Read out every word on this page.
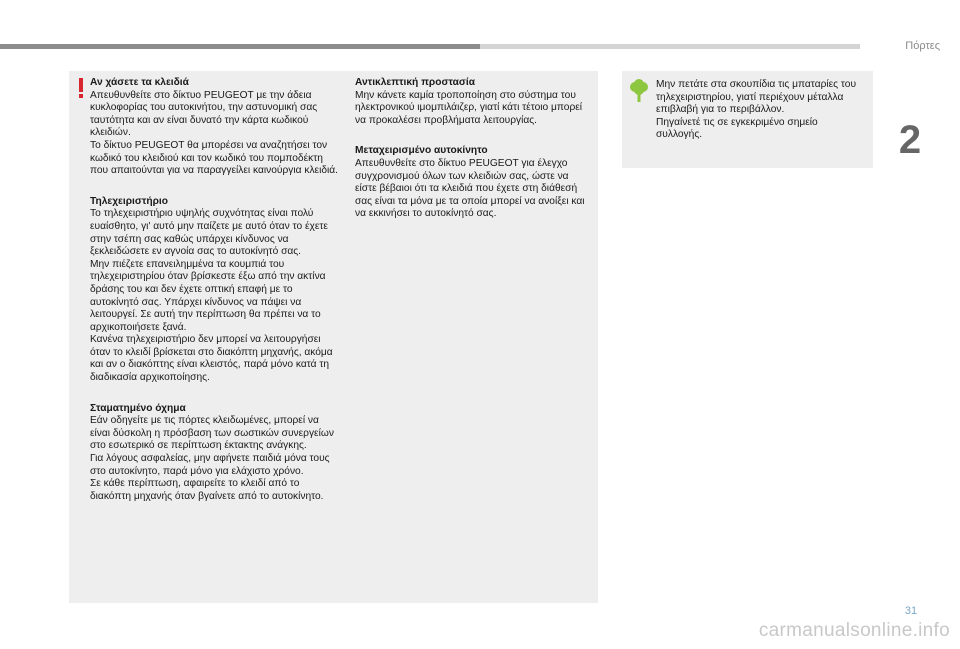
Πόρτες
2
Αν χάσετε τα κλειδιά

Απευθυνθείτε στο δίκτυο PEUGEOT με την άδεια κυκλοφορίας του αυτοκινήτου, την αστυνομική σας ταυτότητα και αν είναι δυνατό την κάρτα κωδικού κλειδιών.

Το δίκτυο PEUGEOT θα μπορέσει να αναζητήσει τον κωδικό του κλειδιού και τον κωδικό του πομποδέκτη που απαιτούνται για να παραγγείλει καινούργια κλειδιά.

Τηλεχειριστήριο

Το τηλεχειριστήριο υψηλής συχνότητας είναι πολύ ευαίσθητο, γι' αυτό μην παίζετε με αυτό όταν το έχετε στην τσέπη σας καθώς υπάρχει κίνδυνος να ξεκλειδώσετε εν αγνοία σας το αυτοκίνητό σας.

Μην πιέζετε επανειλημμένα τα κουμπιά του τηλεχειριστηρίου όταν βρίσκεστε έξω από την ακτίνα δράσης του και δεν έχετε οπτική επαφή με το αυτοκίνητό σας. Υπάρχει κίνδυνος να πάψει να λειτουργεί. Σε αυτή την περίπτωση θα πρέπει να το αρχικοποιήσετε ξανά.

Κανένα τηλεχειριστήριο δεν μπορεί να λειτουργήσει όταν το κλειδί βρίσκεται στο διακόπτη μηχανής, ακόμα και αν ο διακόπτης είναι κλειστός, παρά μόνο κατά τη διαδικασία αρχικοποίησης.

Σταματημένο όχημα

Εάν οδηγείτε με τις πόρτες κλειδωμένες, μπορεί να είναι δύσκολη η πρόσβαση των σωστικών συνεργείων στο εσωτερικό σε περίπτωση έκτακτης ανάγκης.

Για λόγους ασφαλείας, μην αφήνετε παιδιά μόνα τους στο αυτοκίνητο, παρά μόνο για ελάχιστο χρόνο.

Σε κάθε περίπτωση, αφαιρείτε το κλειδί από το διακόπτη μηχανής όταν βγαίνετε από το αυτοκίνητο.

Αντικλεπτική προστασία

Μην κάνετε καμία τροποποίηση στο σύστημα του ηλεκτρονικού ιμομπιλάιζερ, γιατί κάτι τέτοιο μπορεί να προκαλέσει προβλήματα λειτουργίας.

Μεταχειρισμένο αυτοκίνητο

Απευθυνθείτε στο δίκτυο PEUGEOT για έλεγχο συγχρονισμού όλων των κλειδιών σας, ώστε να είστε βέβαιοι ότι τα κλειδιά που έχετε στη διάθεσή σας είναι τα μόνα με τα οποία μπορεί να ανοίξει και να εκκινήσει το αυτοκίνητό σας.

Μην πετάτε στα σκουπίδια τις μπαταρίες του τηλεχειριστηρίου, γιατί περιέχουν μέταλλα επιβλαβή για το περιβάλλον.

Πηγαίνετέ τις σε εγκεκριμένο σημείο συλλογής.

31
carmanualsonline.info
